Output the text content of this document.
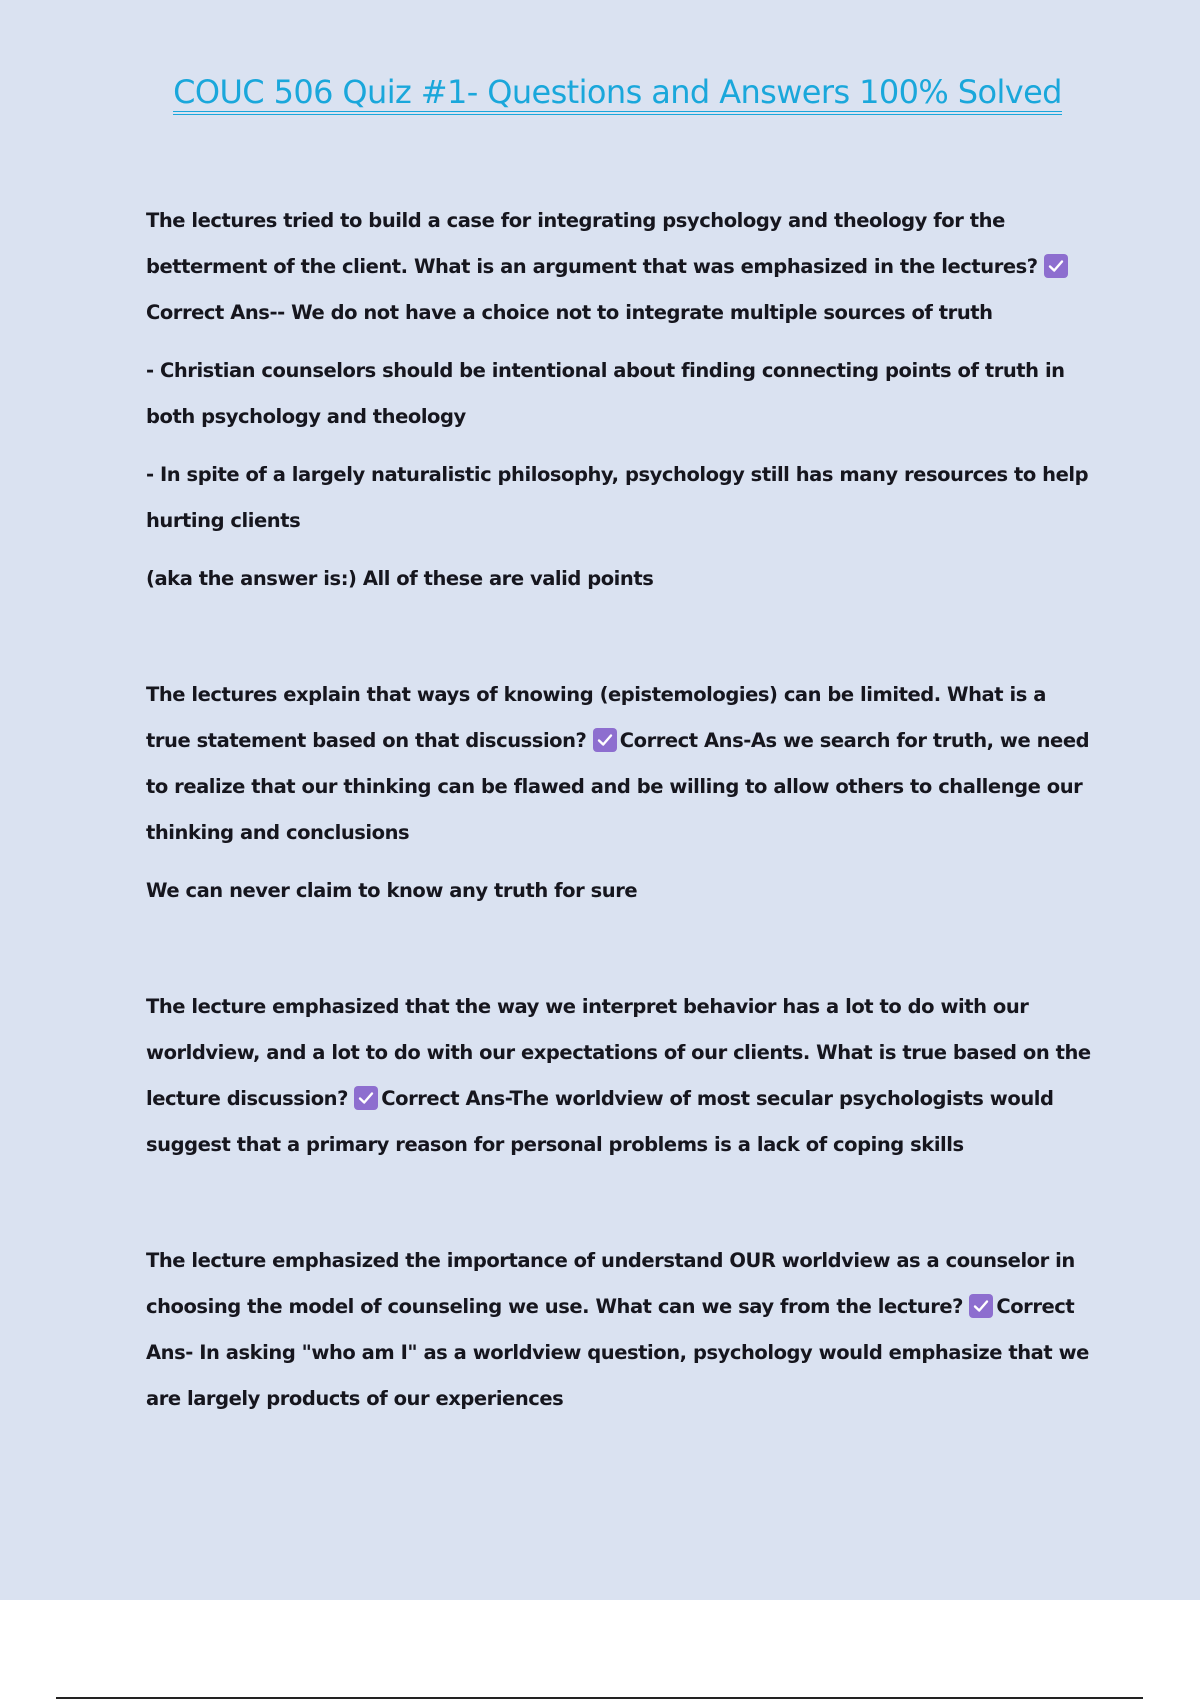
COUC 506 Quiz #1- Questions and Answers 100% Solved

The lectures tried to build a case for integrating psychology and theology for the betterment of the client. What is an argument that was emphasized in the lectures?
Correct Ans-- We do not have a choice not to integrate multiple sources of truth

- Christian counselors should be intentional about finding connecting points of truth in both psychology and theology

- In spite of a largely naturalistic philosophy, psychology still has many resources to help hurting clients

(aka the answer is:) All of these are valid points

The lectures explain that ways of knowing (epistemologies) can be limited. What is a true statement based on that discussion? Correct Ans-As we search for truth, we need to realize that our thinking can be flawed and be willing to allow others to challenge our thinking and conclusions

We can never claim to know any truth for sure

The lecture emphasized that the way we interpret behavior has a lot to do with our worldview, and a lot to do with our expectations of our clients. What is true based on the lecture discussion? Correct Ans-The worldview of most secular psychologists would suggest that a primary reason for personal problems is a lack of coping skills

The lecture emphasized the importance of understand OUR worldview as a counselor in choosing the model of counseling we use. What can we say from the lecture? Correct Ans- In asking "who am I" as a worldview question, psychology would emphasize that we are largely products of our experiences
